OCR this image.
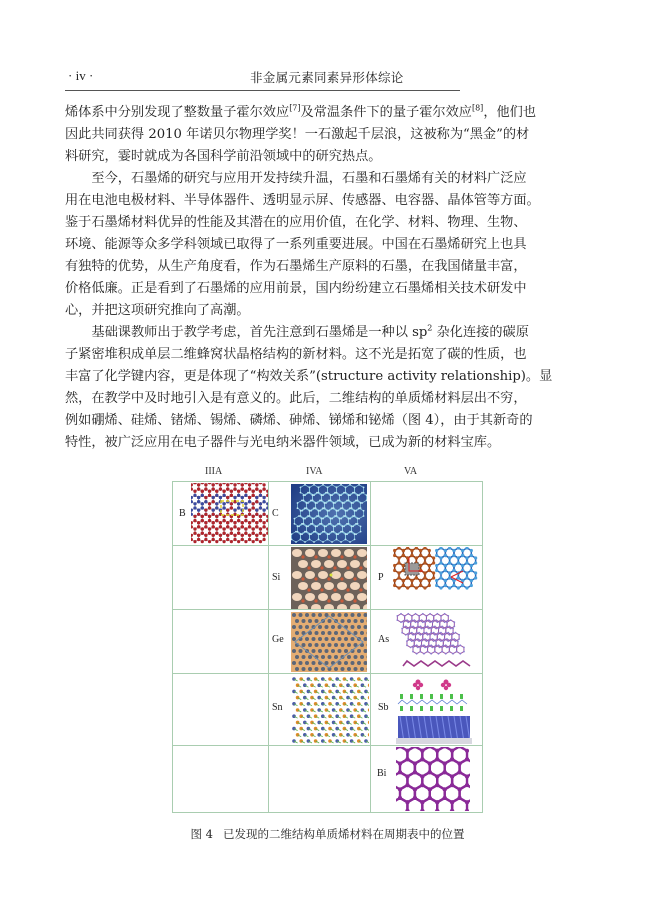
· iv ·	非金属元素同素异形体综论

烯体系中分别发现了整数量子霍尔效应[7]及常温条件下的量子霍尔效应[8]，他们也
因此共同获得 2010 年诺贝尔物理学奖！一石激起千层浪，这被称为“黑金”的材
料研究，霎时就成为各国科学前沿领域中的研究热点。

至今，石墨烯的研究与应用开发持续升温，石墨和石墨烯有关的材料广泛应
用在电池电极材料、半导体器件、透明显示屏、传感器、电容器、晶体管等方面。
鉴于石墨烯材料优异的性能及其潜在的应用价值，在化学、材料、物理、生物、
环境、能源等众多学科领域已取得了一系列重要进展。中国在石墨烯研究上也具
有独特的优势，从生产角度看，作为石墨烯生产原料的石墨，在我国储量丰富，
价格低廉。正是看到了石墨烯的应用前景，国内纷纷建立石墨烯相关技术研发中
心，并把这项研究推向了高潮。

基础课教师出于教学考虑，首先注意到石墨烯是一种以 $sp^2$ 杂化连接的碳原
子紧密堆积成单层二维蜂窝状晶格结构的新材料。这不光是拓宽了碳的性质，也
丰富了化学键内容，更是体现了“构效关系”(structure activity relationship)。显
然，在教学中及时地引入是有意义的。此后，二维结构的单质烯材料层出不穷，
例如硼烯、硅烯、锗烯、锡烯、磷烯、砷烯、锑烯和铋烯（图 4），由于其新奇的
特性，被广泛应用在电子器件与光电纳米器件领域，已成为新的材料宝库。

IIIA	IVA	VA
B	C	

	Si	P

	Ge	As

	Sn	Sb

		Bi
图 4 已发现的二维结构单质烯材料在周期表中的位置
